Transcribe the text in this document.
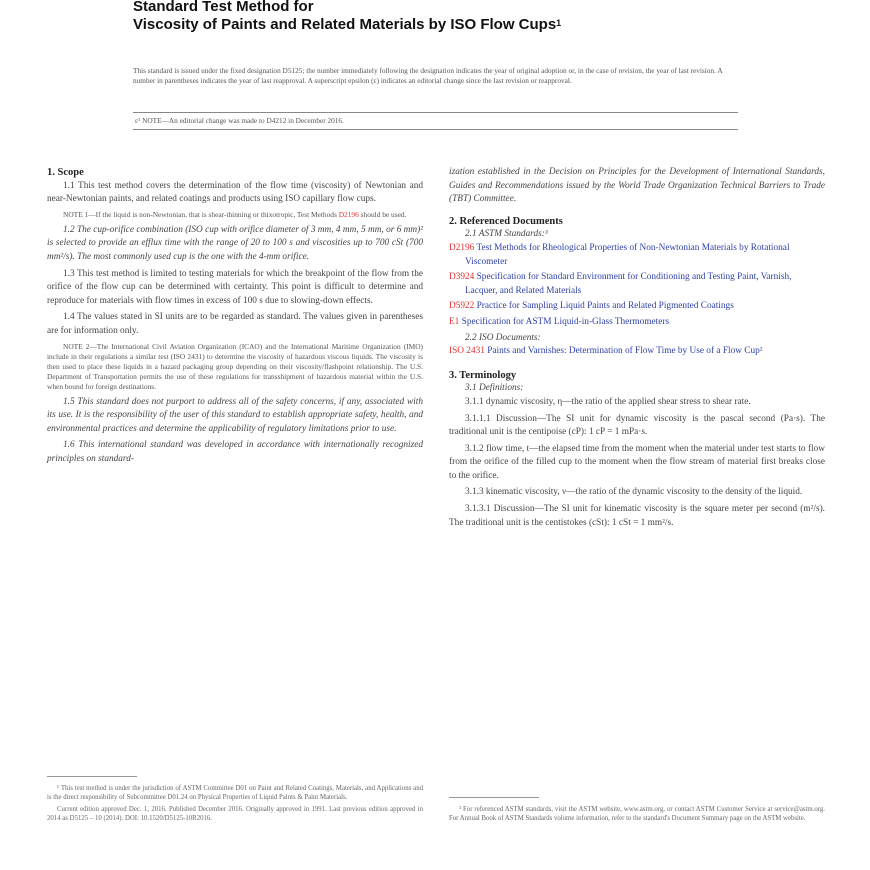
Standard Test Method for
Viscosity of Paints and Related Materials by ISO Flow Cups$^1$
This standard is issued under the fixed designation D5125; the number immediately following the designation indicates the year of original adoption or, in the case of revision, the year of last revision. A number in parentheses indicates the year of last reapproval. A superscript epsilon (ε) indicates an editorial change since the last revision or reapproval.
ε¹ NOTE—An editorial change was made to D4212 in December 2016.

1. Scope

1.1 This test method covers the determination of the flow time (viscosity) of Newtonian and near-Newtonian paints, and related coatings and products using ISO capillary flow cups.

NOTE 1—If the liquid is non-Newtonian, that is shear-thinning or thixotropic, Test Methods D2196 should be used.

1.2 The cup-orifice combination (ISO cup with orifice diameter of 3 mm, 4 mm, 5 mm, or 6 mm)² is selected to provide an efflux time with the range of 20 to 100 s and viscosities up to 700 cSt (700 mm²/s). The most commonly used cup is the one with the 4-mm orifice.

1.3 This test method is limited to testing materials for which the breakpoint of the flow from the orifice of the flow cup can be determined with certainty. This point is difficult to determine and reproduce for materials with flow times in excess of 100 s due to slowing-down effects.

1.4 The values stated in SI units are to be regarded as standard. The values given in parentheses are for information only.

NOTE 2—The International Civil Aviation Organization (ICAO) and the International Maritime Organization (IMO) include in their regulations a similar test (ISO 2431) to determine the viscosity of hazardous viscous liquids. The viscosity is then used to place these liquids in a hazard packaging group depending on their viscosity/flashpoint relationship. The U.S. Department of Transportation permits the use of these regulations for transshipment of hazardous material within the U.S. when bound for foreign destinations.

1.5 This standard does not purport to address all of the safety concerns, if any, associated with its use. It is the responsibility of the user of this standard to establish appropriate safety, health, and environmental practices and determine the applicability of regulatory limitations prior to use.

1.6 This international standard was developed in accordance with internationally recognized principles on standard-

ization established in the Decision on Principles for the Development of International Standards, Guides and Recommendations issued by the World Trade Organization Technical Barriers to Trade (TBT) Committee.

2. Referenced Documents

2.1 ASTM Standards:³

D2196 Test Methods for Rheological Properties of Non-Newtonian Materials by Rotational Viscometer

D3924 Specification for Standard Environment for Conditioning and Testing Paint, Varnish, Lacquer, and Related Materials

D5922 Practice for Sampling Liquid Paints and Related Pigmented Coatings

E1 Specification for ASTM Liquid-in-Glass Thermometers

2.2 ISO Documents:

ISO 2431 Paints and Varnishes: Determination of Flow Time by Use of a Flow Cup²

3. Terminology

3.1 Definitions:

3.1.1 dynamic viscosity, η—the ratio of the applied shear stress to shear rate.

3.1.1.1 Discussion—The SI unit for dynamic viscosity is the pascal second (Pa·s). The traditional unit is the centipoise (cP): 1 cP = 1 mPa·s.

3.1.2 flow time, t—the elapsed time from the moment when the material under test starts to flow from the orifice of the filled cup to the moment when the flow stream of material first breaks close to the orifice.

3.1.3 kinematic viscosity, ν—the ratio of the dynamic viscosity to the density of the liquid.

3.1.3.1 Discussion—The SI unit for kinematic viscosity is the square meter per second (m²/s). The traditional unit is the centistokes (cSt): 1 cSt = 1 mm²/s.

¹ This test method is under the jurisdiction of ASTM Committee D01 on Paint and Related Coatings, Materials, and Applications and is the direct responsibility of Subcommittee D01.24 on Physical Properties of Liquid Paints & Paint Materials.

Current edition approved Dec. 1, 2016. Published December 2016. Originally approved in 1991. Last previous edition approved in 2014 as D5125 – 10 (2014). DOI: 10.1520/D5125-10R2016.

³ For referenced ASTM standards, visit the ASTM website, www.astm.org, or contact ASTM Customer Service at service@astm.org. For Annual Book of ASTM Standards volume information, refer to the standard's Document Summary page on the ASTM website.
